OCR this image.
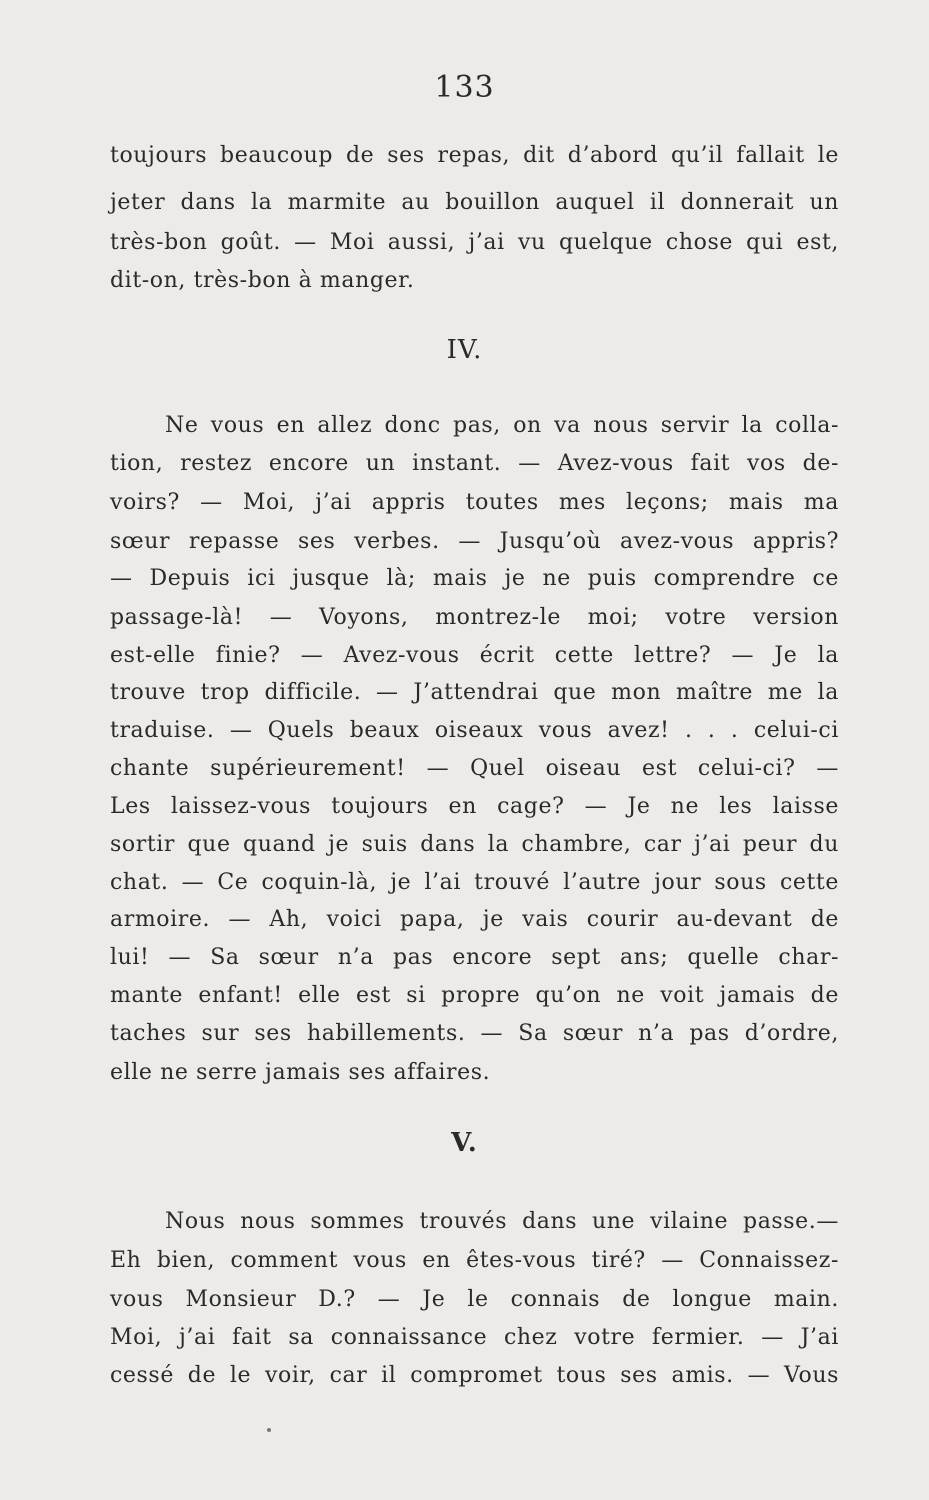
133
toujours beaucoup de ses repas, dit d’abord qu’il fallait le
jeter dans la marmite au bouillon auquel il donnerait un
très-bon goût. — Moi aussi, j’ai vu quelque chose qui est,
dit-on, très-bon à manger.
IV.
Ne vous en allez donc pas, on va nous servir la colla-
tion, restez encore un instant. — Avez-vous fait vos de-
voirs? — Moi, j’ai appris toutes mes leçons; mais ma
sœur repasse ses verbes. — Jusqu’où avez-vous appris?
— Depuis ici jusque là; mais je ne puis comprendre ce
passage-là! — Voyons, montrez-le moi; votre version
est-elle finie? — Avez-vous écrit cette lettre? — Je la
trouve trop difficile. — J’attendrai que mon maître me la
traduise. — Quels beaux oiseaux vous avez! . . . celui-ci
chante supérieurement! — Quel oiseau est celui-ci? —
Les laissez-vous toujours en cage? — Je ne les laisse
sortir que quand je suis dans la chambre, car j’ai peur du
chat. — Ce coquin-là, je l’ai trouvé l’autre jour sous cette
armoire. — Ah, voici papa, je vais courir au-devant de
lui! — Sa sœur n’a pas encore sept ans; quelle char-
mante enfant! elle est si propre qu’on ne voit jamais de
taches sur ses habillements. — Sa sœur n’a pas d’ordre,
elle ne serre jamais ses affaires.
V.
Nous nous sommes trouvés dans une vilaine passe.—
Eh bien, comment vous en êtes-vous tiré? — Connaissez-
vous Monsieur D.? — Je le connais de longue main.
Moi, j’ai fait sa connaissance chez votre fermier. — J’ai
cessé de le voir, car il compromet tous ses amis. — Vous
